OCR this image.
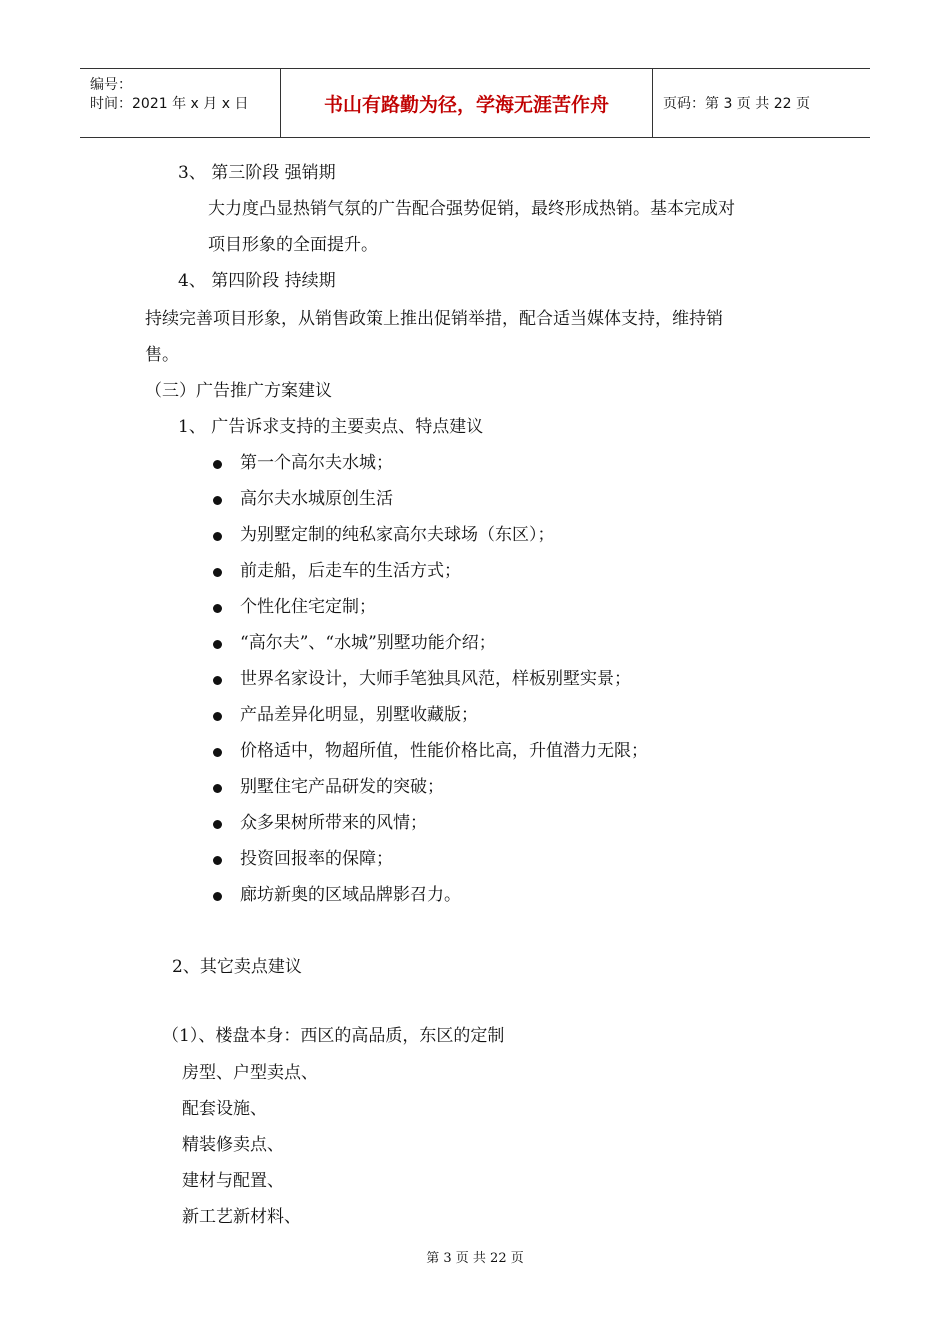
编号：
时间：2021 年 x 月 x 日	书山有路勤为径，学海无涯苦作舟	页码：第 3 页 共 22 页
3、 第三阶段 强销期
大力度凸显热销气氛的广告配合强势促销，最终形成热销。基本完成对
项目形象的全面提升。
4、 第四阶段 持续期
持续完善项目形象，从销售政策上推出促销举措，配合适当媒体支持，维持销
售。
（三）广告推广方案建议
1、 广告诉求支持的主要卖点、特点建议
第一个高尔夫水城；
高尔夫水城原创生活
为别墅定制的纯私家高尔夫球场（东区）；
前走船，后走车的生活方式；
个性化住宅定制；
“高尔夫”、“水城”别墅功能介绍；
世界名家设计，大师手笔独具风范，样板别墅实景；
产品差异化明显，别墅收藏版；
价格适中，物超所值，性能价格比高，升值潜力无限；
别墅住宅产品研发的突破；
众多果树所带来的风情；
投资回报率的保障；
廊坊新奥的区域品牌影召力。
2、其它卖点建议
（1）、楼盘本身：西区的高品质，东区的定制
房型、户型卖点、
配套设施、
精装修卖点、
建材与配置、
新工艺新材料、
第 3 页 共 22 页
